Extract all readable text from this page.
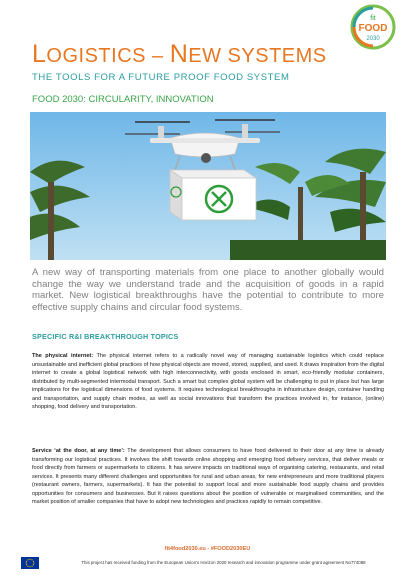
fit
FOOD
2030
LOGISTICS – NEW SYSTEMS
THE TOOLS FOR A FUTURE PROOF FOOD SYSTEM
FOOD 2030: CIRCULARITY, INNOVATION

A new way of transporting materials from one place to another globally would change the way we understand trade and the acquisition of goods in a rapid market. New logistical breakthroughs have the potential to contribute to more effective supply chains and circular food systems.

SPECIFIC R&I BREAKTHROUGH TOPICS

The physical internet: The physical internet refers to a radically novel way of managing sustainable logistics which could replace unsustainable and inefficient global practices of how physical objects are moved, stored, supplied, and used. It draws inspiration from the digital internet to create a global logistical network with high interconnectivity, with goods enclosed in smart, eco-friendly modular containers, distributed by multi-segmented intermodal transport. Such a smart but complex global system will be challenging to put in place but has large implications for the logistical dimensions of food systems. It requires technological breakthroughs in infrastructure design, container handling and transportation, and supply chain modes, as well as social innovations that transform the practices involved in, for instance, (online) shopping, food delivery and transportation.

Service ‘at the door, at any time’: The development that allows consumers to have food delivered to their door at any time is already transforming our logistical practices. It involves the shift towards online shopping and emerging food delivery services, that deliver meals or food directly from farmers or supermarkets to citizens. It has severe impacts on traditional ways of organising catering, restaurants, and retail services. It presents many different challenges and opportunities for rural and urban areas, for new entrepreneurs and more traditional players (restaurant owners, farmers, supermarkets). It has the potential to support local and more sustainable food supply chains and provides opportunities for consumers and businesses. But it raises questions about the position of vulnerable or marginalised communities, and the market position of smaller companies that have to adopt new technologies and practices rapidly to remain competitive.

fit4food2030.eu - #FOOD2030EU
This project has received funding from the European Union’s Horizon 2020 research and innovation programme under grant agreement No774088
